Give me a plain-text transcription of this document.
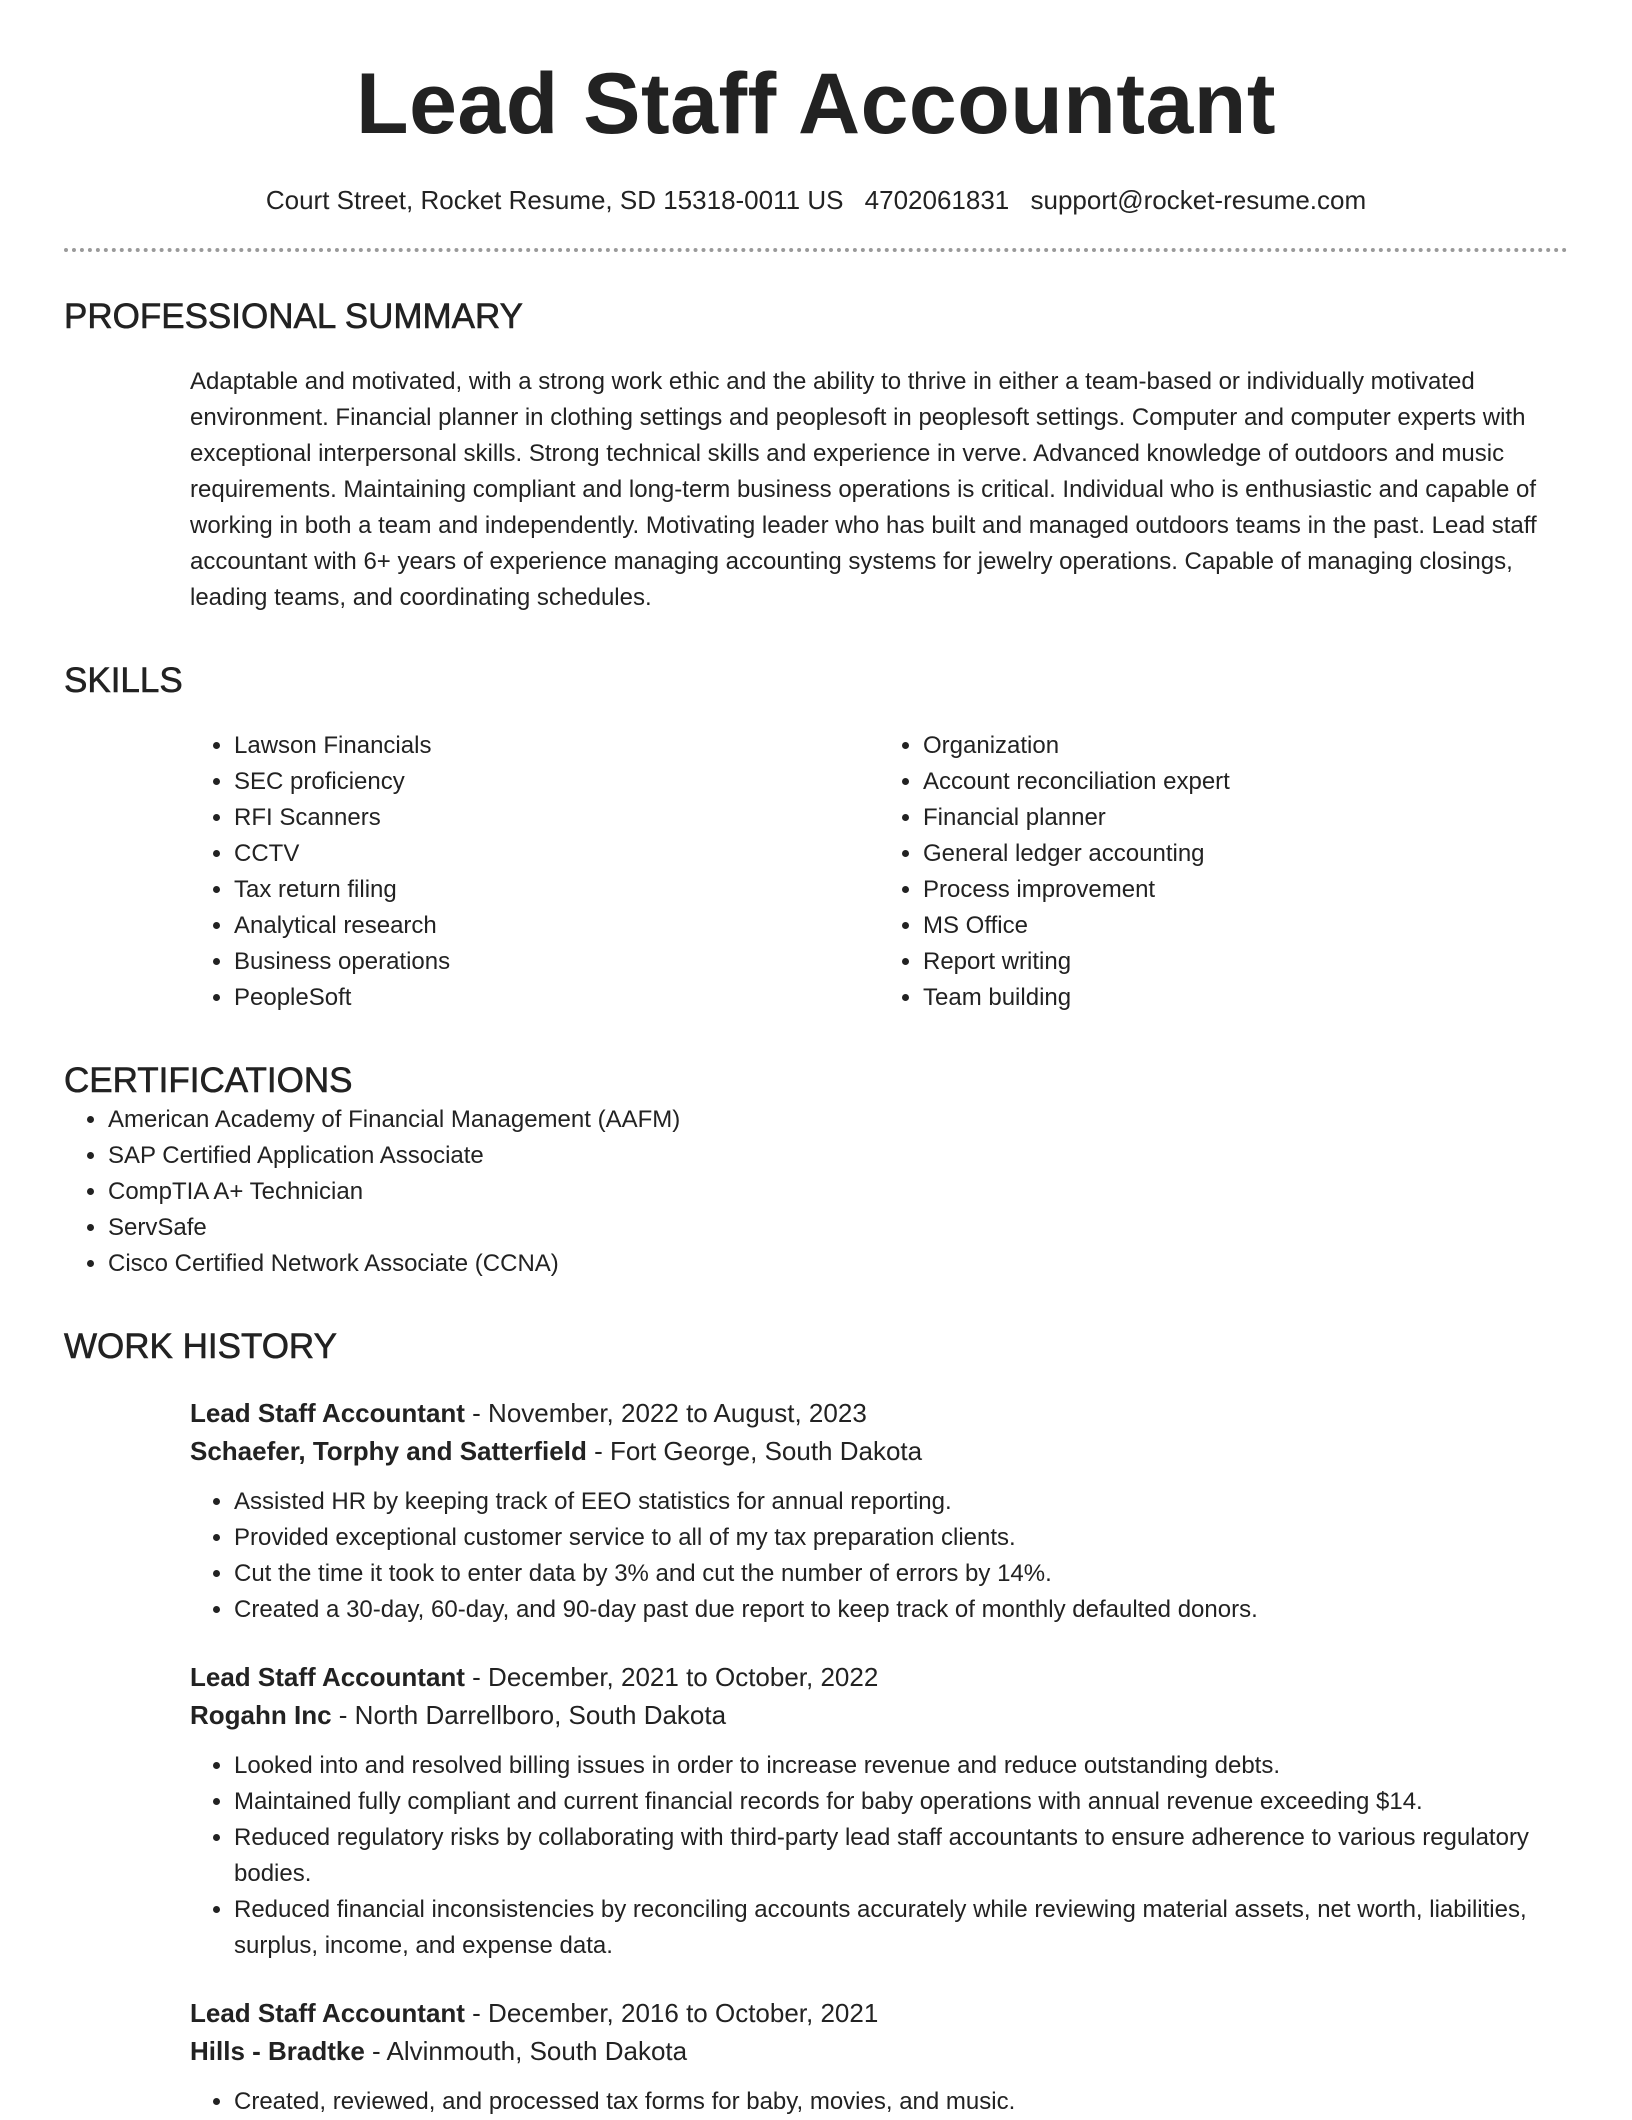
Lead Staff Accountant
Court Street, Rocket Resume, SD 15318-0011 US 4702061831 support@rocket-resume.com
PROFESSIONAL SUMMARY

Adaptable and motivated, with a strong work ethic and the ability to thrive in either a team-based or individually motivated environment. Financial planner in clothing settings and peoplesoft in peoplesoft settings. Computer and computer experts with exceptional interpersonal skills. Strong technical skills and experience in verve. Advanced knowledge of outdoors and music requirements. Maintaining compliant and long-term business operations is critical. Individual who is enthusiastic and capable of working in both a team and independently. Motivating leader who has built and managed outdoors teams in the past. Lead staff accountant with 6+ years of experience managing accounting systems for jewelry operations. Capable of managing closings, leading teams, and coordinating schedules.

SKILLS
• Lawson Financials
• SEC proficiency
• RFI Scanners
• CCTV
• Tax return filing
• Analytical research
• Business operations
• PeopleSoft
• Organization
• Account reconciliation expert
• Financial planner
• General ledger accounting
• Process improvement
• MS Office
• Report writing
• Team building
CERTIFICATIONS
• American Academy of Financial Management (AAFM)
• SAP Certified Application Associate
• CompTIA A+ Technician
• ServSafe
• Cisco Certified Network Associate (CCNA)
WORK HISTORY
Lead Staff Accountant - November, 2022 to August, 2023
Schaefer, Torphy and Satterfield - Fort George, South Dakota
• Assisted HR by keeping track of EEO statistics for annual reporting.
• Provided exceptional customer service to all of my tax preparation clients.
• Cut the time it took to enter data by 3% and cut the number of errors by 14%.
• Created a 30-day, 60-day, and 90-day past due report to keep track of monthly defaulted donors.
Lead Staff Accountant - December, 2021 to October, 2022
Rogahn Inc - North Darrellboro, South Dakota
• Looked into and resolved billing issues in order to increase revenue and reduce outstanding debts.
• Maintained fully compliant and current financial records for baby operations with annual revenue exceeding $14.
• Reduced regulatory risks by collaborating with third-party lead staff accountants to ensure adherence to various regulatory bodies.
• Reduced financial inconsistencies by reconciling accounts accurately while reviewing material assets, net worth, liabilities, surplus, income, and expense data.
Lead Staff Accountant - December, 2016 to October, 2021
Hills - Bradtke - Alvinmouth, South Dakota
• Created, reviewed, and processed tax forms for baby, movies, and music.
